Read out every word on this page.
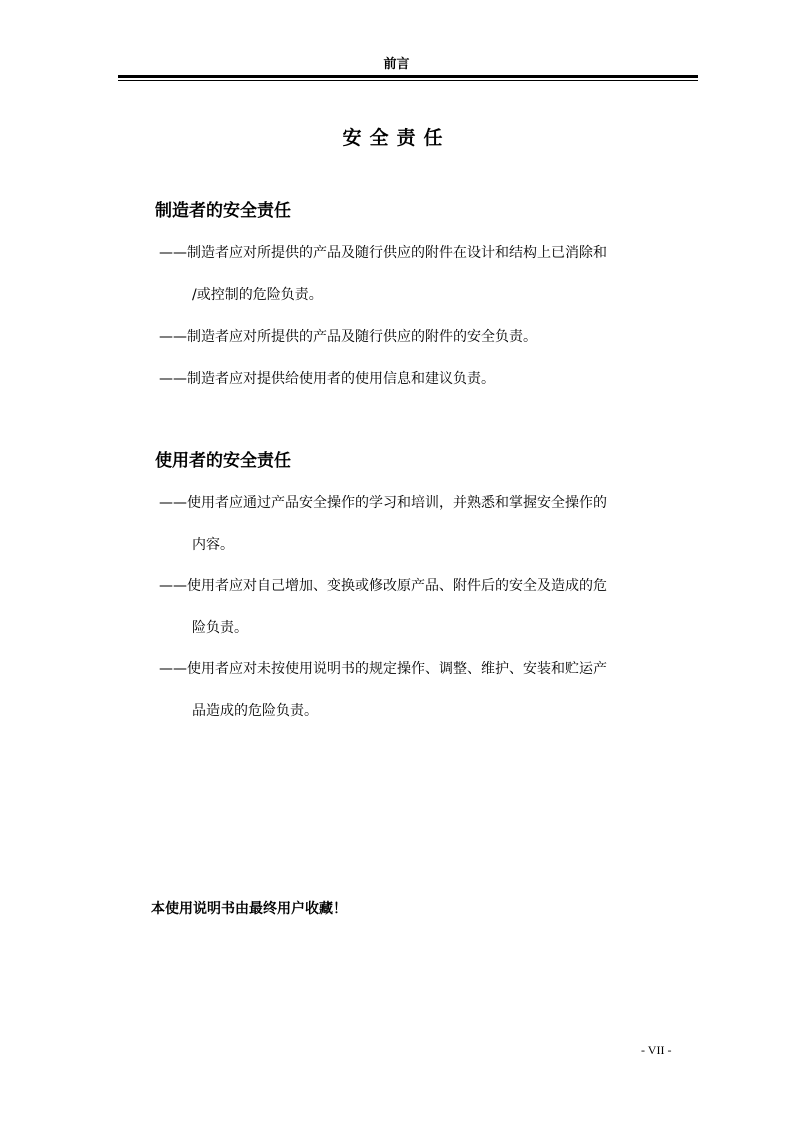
前言
安全责任
制造者的安全责任
——制造者应对所提供的产品及随行供应的附件在设计和结构上已消除和
/或控制的危险负责。
——制造者应对所提供的产品及随行供应的附件的安全负责。
——制造者应对提供给使用者的使用信息和建议负责。
使用者的安全责任
——使用者应通过产品安全操作的学习和培训，并熟悉和掌握安全操作的
内容。
——使用者应对自己增加、变换或修改原产品、附件后的安全及造成的危
险负责。
——使用者应对未按使用说明书的规定操作、调整、维护、安装和贮运产
品造成的危险负责。
本使用说明书由最终用户收藏！
- VII -
